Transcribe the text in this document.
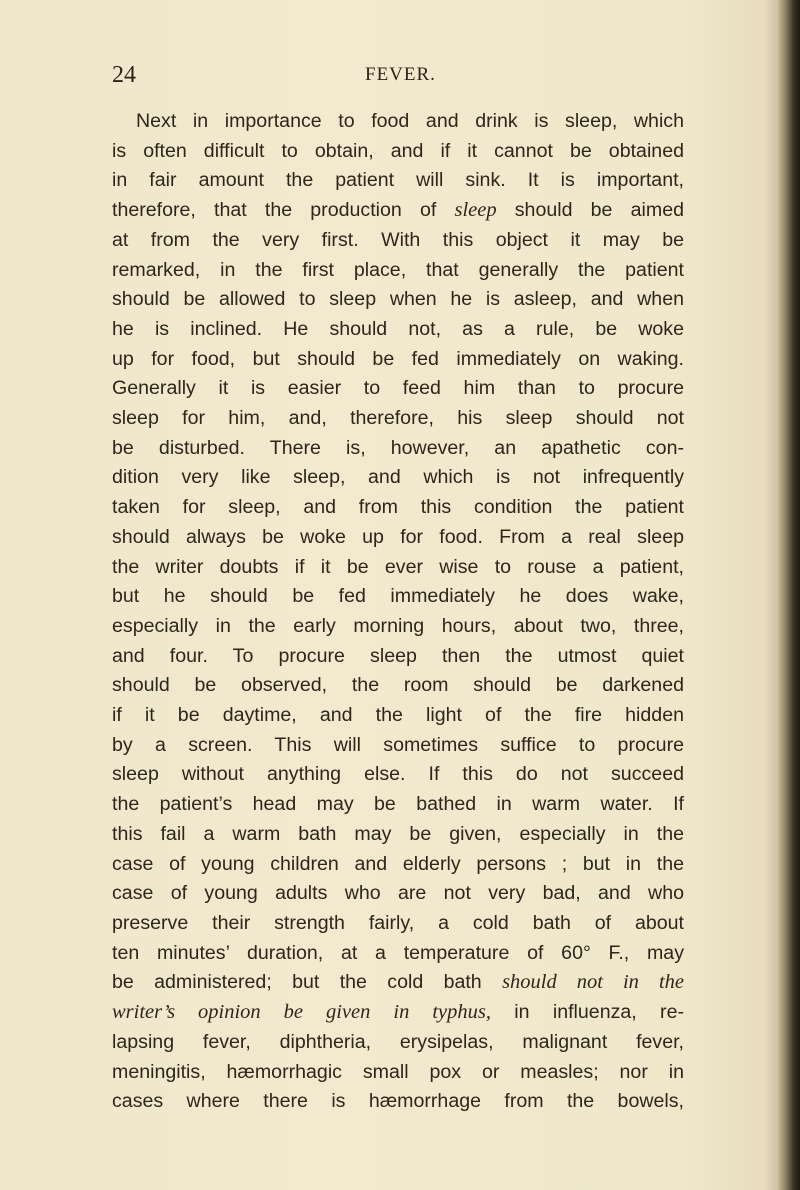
24	FEVER.
Next in importance to food and drink is sleep, which
is often difficult to obtain, and if it cannot be obtained
in fair amount the patient will sink. It is important,
therefore, that the production of sleep should be aimed
at from the very first. With this object it may be
remarked, in the first place, that generally the patient
should be allowed to sleep when he is asleep, and when
he is inclined. He should not, as a rule, be woke
up for food, but should be fed immediately on waking.
Generally it is easier to feed him than to procure
sleep for him, and, therefore, his sleep should not
be disturbed. There is, however, an apathetic con-
dition very like sleep, and which is not infrequently
taken for sleep, and from this condition the patient
should always be woke up for food. From a real sleep
the writer doubts if it be ever wise to rouse a patient,
but he should be fed immediately he does wake,
especially in the early morning hours, about two, three,
and four. To procure sleep then the utmost quiet
should be observed, the room should be darkened
if it be daytime, and the light of the fire hidden
by a screen. This will sometimes suffice to procure
sleep without anything else. If this do not succeed
the patient’s head may be bathed in warm water. If
this fail a warm bath may be given, especially in the
case of young children and elderly persons ; but in the
case of young adults who are not very bad, and who
preserve their strength fairly, a cold bath of about
ten minutes’ duration, at a temperature of 60° F., may
be administered; but the cold bath should not in the
writer’s opinion be given in typhus, in influenza, re-
lapsing fever, diphtheria, erysipelas, malignant fever,
meningitis, hæmorrhagic small pox or measles; nor in
cases where there is hæmorrhage from the bowels,
